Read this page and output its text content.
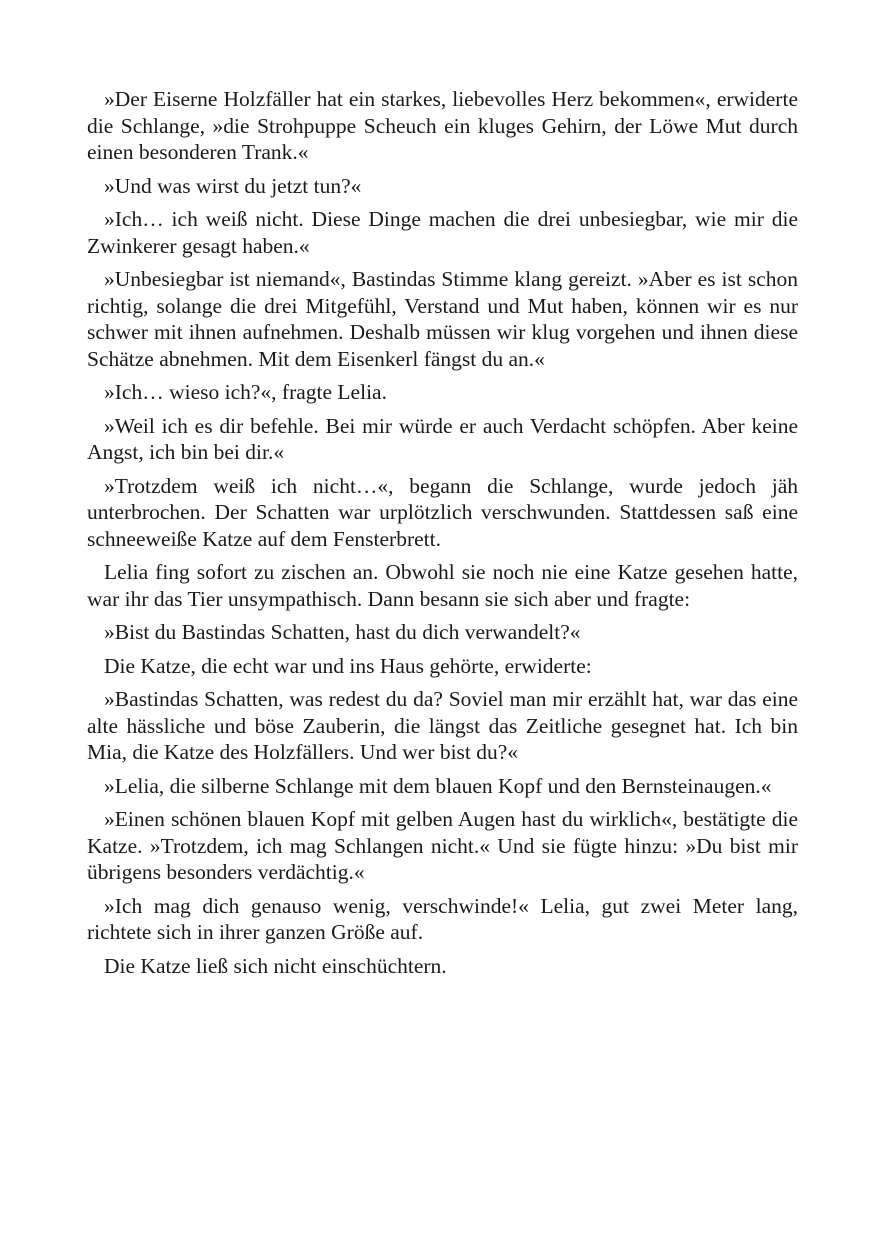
»Der Eiserne Holzfäller hat ein starkes, liebevolles Herz bekommen«, erwiderte die Schlange, »die Strohpuppe Scheuch ein kluges Gehirn, der Löwe Mut durch einen besonderen Trank.«

»Und was wirst du jetzt tun?«

»Ich… ich weiß nicht. Diese Dinge machen die drei unbesiegbar, wie mir die Zwinkerer gesagt haben.«

»Unbesiegbar ist niemand«, Bastindas Stimme klang gereizt. »Aber es ist schon richtig, solange die drei Mitgefühl, Verstand und Mut haben, können wir es nur schwer mit ihnen aufnehmen. Deshalb müssen wir klug vorgehen und ihnen diese Schätze abnehmen. Mit dem Eisenkerl fängst du an.«

»Ich… wieso ich?«, fragte Lelia.

»Weil ich es dir befehle. Bei mir würde er auch Verdacht schöpfen. Aber keine Angst, ich bin bei dir.«

»Trotzdem weiß ich nicht…«, begann die Schlange, wurde jedoch jäh unterbrochen. Der Schatten war urplötzlich verschwunden. Stattdessen saß eine schneeweiße Katze auf dem Fensterbrett.

Lelia fing sofort zu zischen an. Obwohl sie noch nie eine Katze gesehen hatte, war ihr das Tier unsympathisch. Dann besann sie sich aber und fragte:

»Bist du Bastindas Schatten, hast du dich verwandelt?«

Die Katze, die echt war und ins Haus gehörte, erwiderte:

»Bastindas Schatten, was redest du da? Soviel man mir erzählt hat, war das eine alte hässliche und böse Zauberin, die längst das Zeitliche gesegnet hat. Ich bin Mia, die Katze des Holzfällers. Und wer bist du?«

»Lelia, die silberne Schlange mit dem blauen Kopf und den Bernsteinaugen.«

»Einen schönen blauen Kopf mit gelben Augen hast du wirklich«, bestätigte die Katze. »Trotzdem, ich mag Schlangen nicht.« Und sie fügte hinzu: »Du bist mir übrigens besonders verdächtig.«

»Ich mag dich genauso wenig, verschwinde!« Lelia, gut zwei Meter lang, richtete sich in ihrer ganzen Größe auf.

Die Katze ließ sich nicht einschüchtern.
